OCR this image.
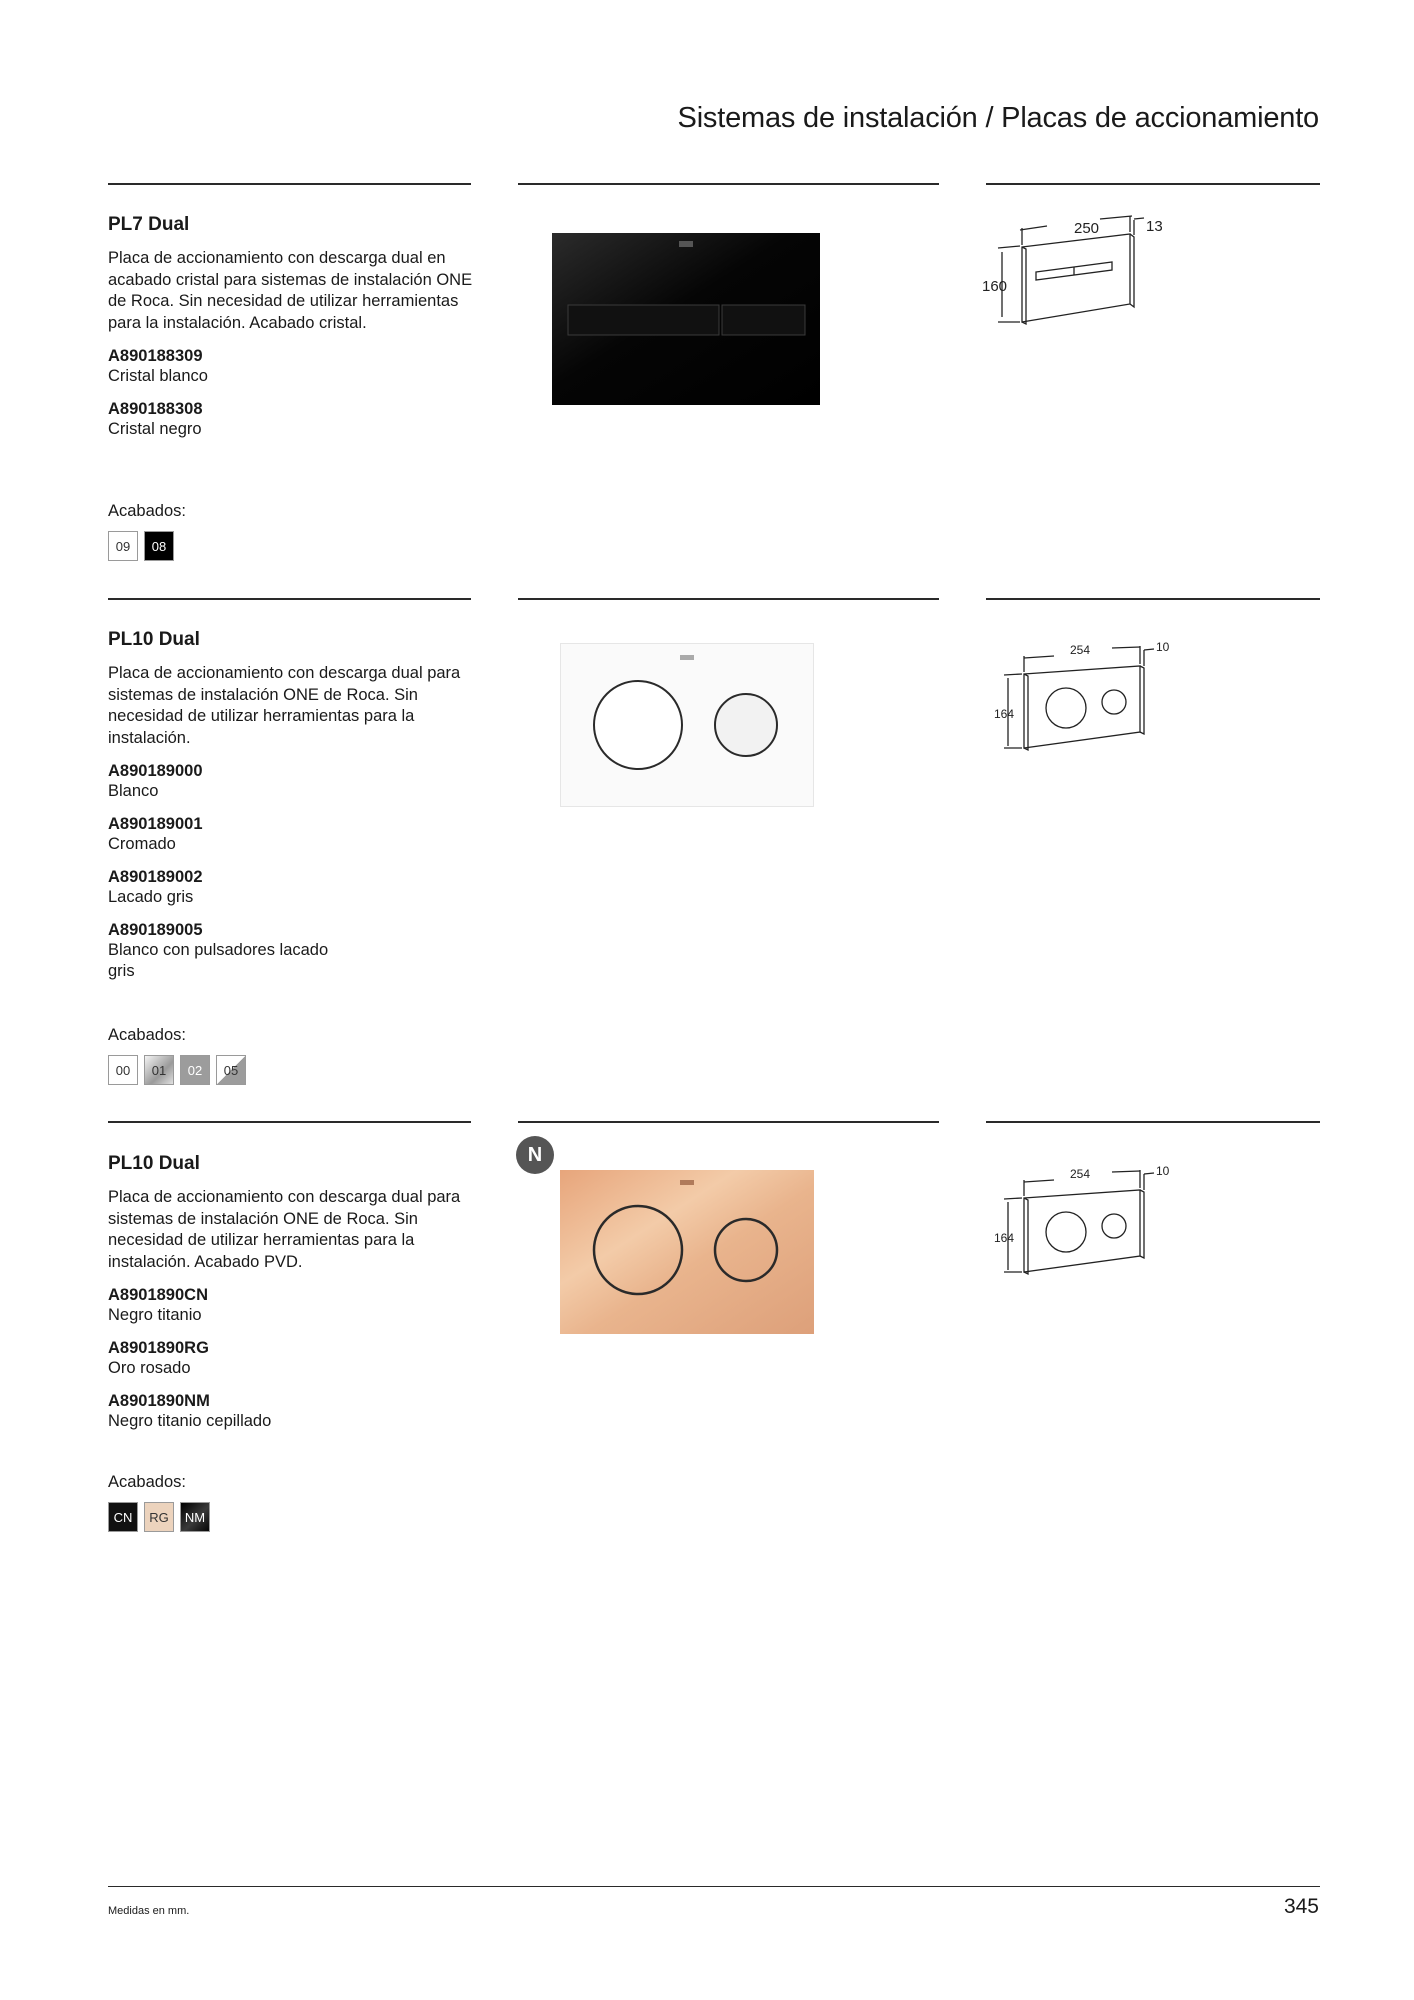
Sistemas de instalación / Placas de accionamiento
PL7 Dual
Placa de accionamiento con descarga dual en acabado cristal para sistemas de instalación ONE de Roca. Sin necesidad de utilizar herramientas para la instalación. Acabado cristal.
A890188309
Cristal blanco
A890188308
Cristal negro
Acabados:
09	08
250	13
160
PL10 Dual
Placa de accionamiento con descarga dual para sistemas de instalación ONE de Roca. Sin necesidad de utilizar herramientas para la instalación.
A890189000
Blanco
A890189001
Cromado
A890189002
Lacado gris
A890189005
Blanco con pulsadores lacado gris
Acabados:
00	01	02	05
254	10
164
PL10 Dual
Placa de accionamiento con descarga dual para sistemas de instalación ONE de Roca. Sin necesidad de utilizar herramientas para la instalación. Acabado PVD.
A8901890CN
Negro titanio
A8901890RG
Oro rosado
A8901890NM
Negro titanio cepillado
Acabados:
CN	RG	NM
N
254	10
164
Medidas en mm.	345
